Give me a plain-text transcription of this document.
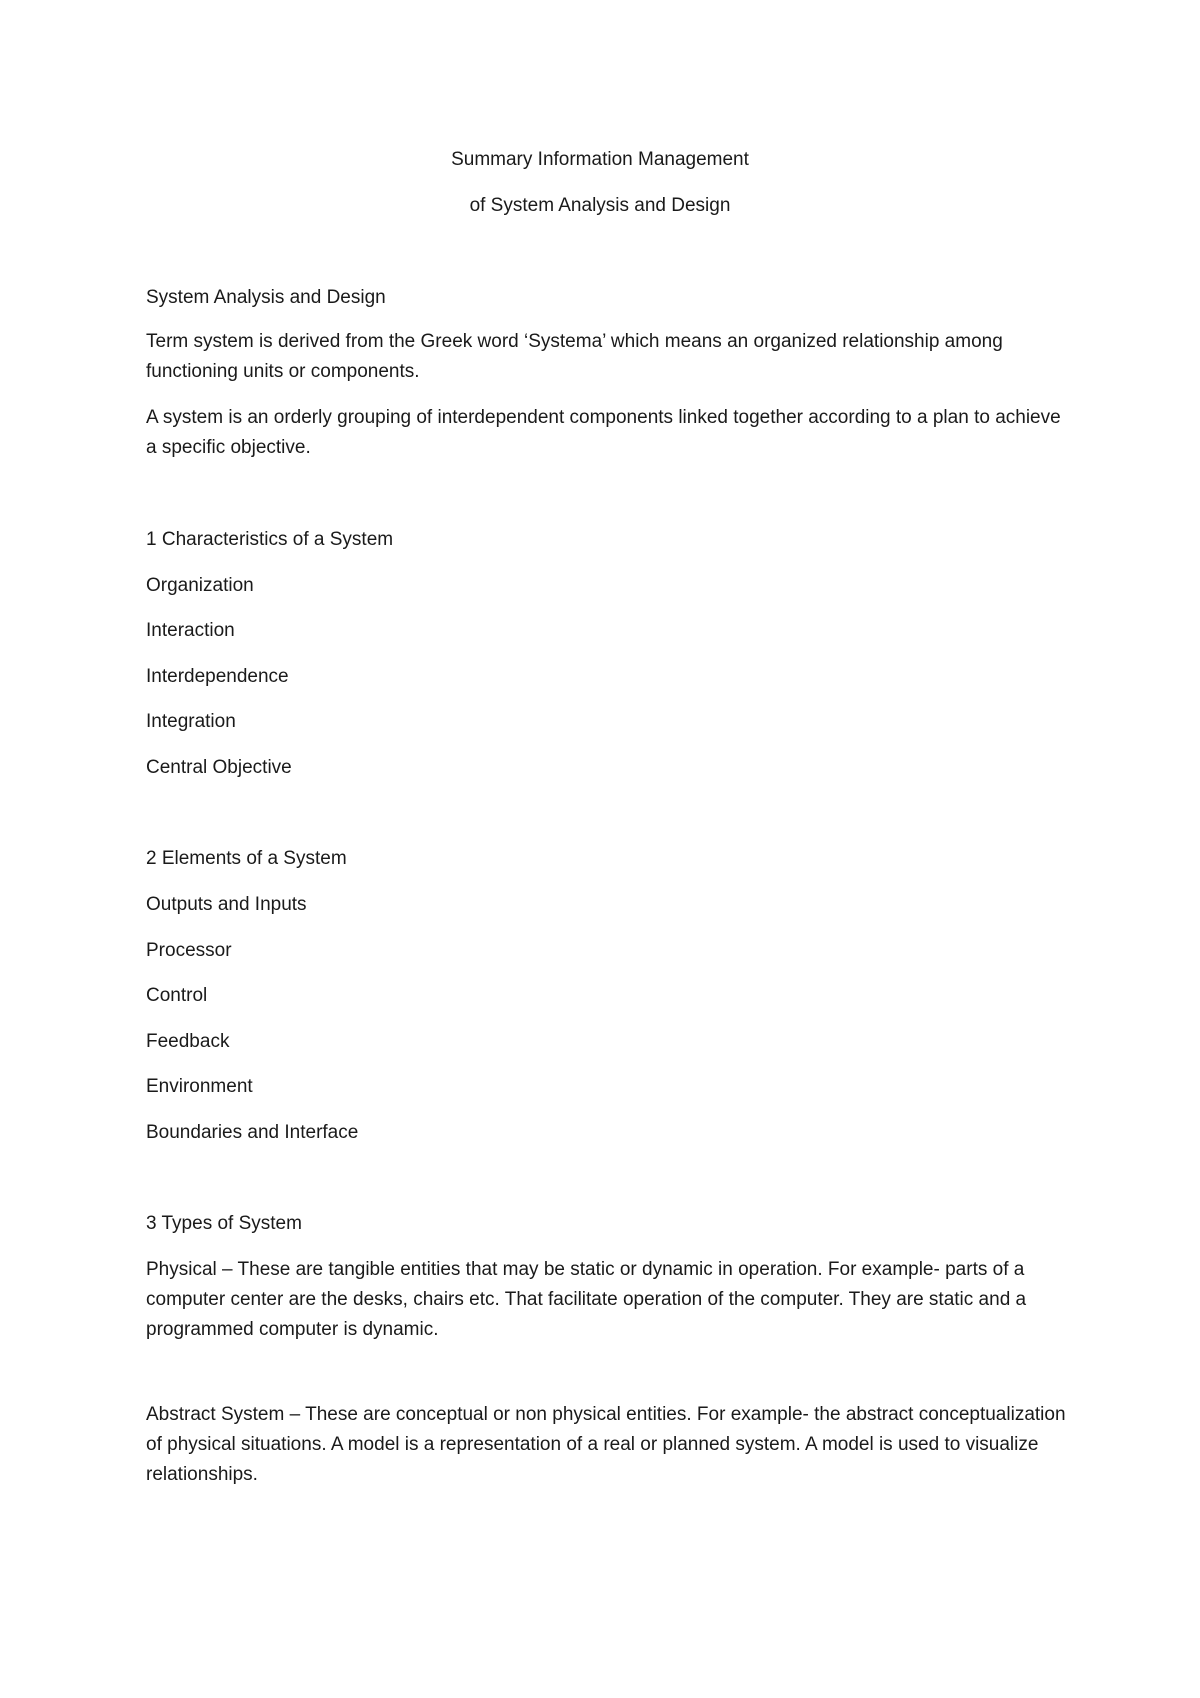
Summary Information Management
of System Analysis and Design
System Analysis and Design
Term system is derived from the Greek word ‘Systema’ which means an organized relationship among functioning units or components.
A system is an orderly grouping of interdependent components linked together according to a plan to achieve a specific objective.
1 Characteristics of a System
Organization
Interaction
Interdependence
Integration
Central Objective
2 Elements of a System
Outputs and Inputs
Processor
Control
Feedback
Environment
Boundaries and Interface
3 Types of System
Physical – These are tangible entities that may be static or dynamic in operation. For example- parts of a computer center are the desks, chairs etc. That facilitate operation of the computer. They are static and a programmed computer is dynamic.
Abstract System – These are conceptual or non physical entities. For example- the abstract conceptualization of physical situations. A model is a representation of a real or planned system. A model is used to visualize relationships.
